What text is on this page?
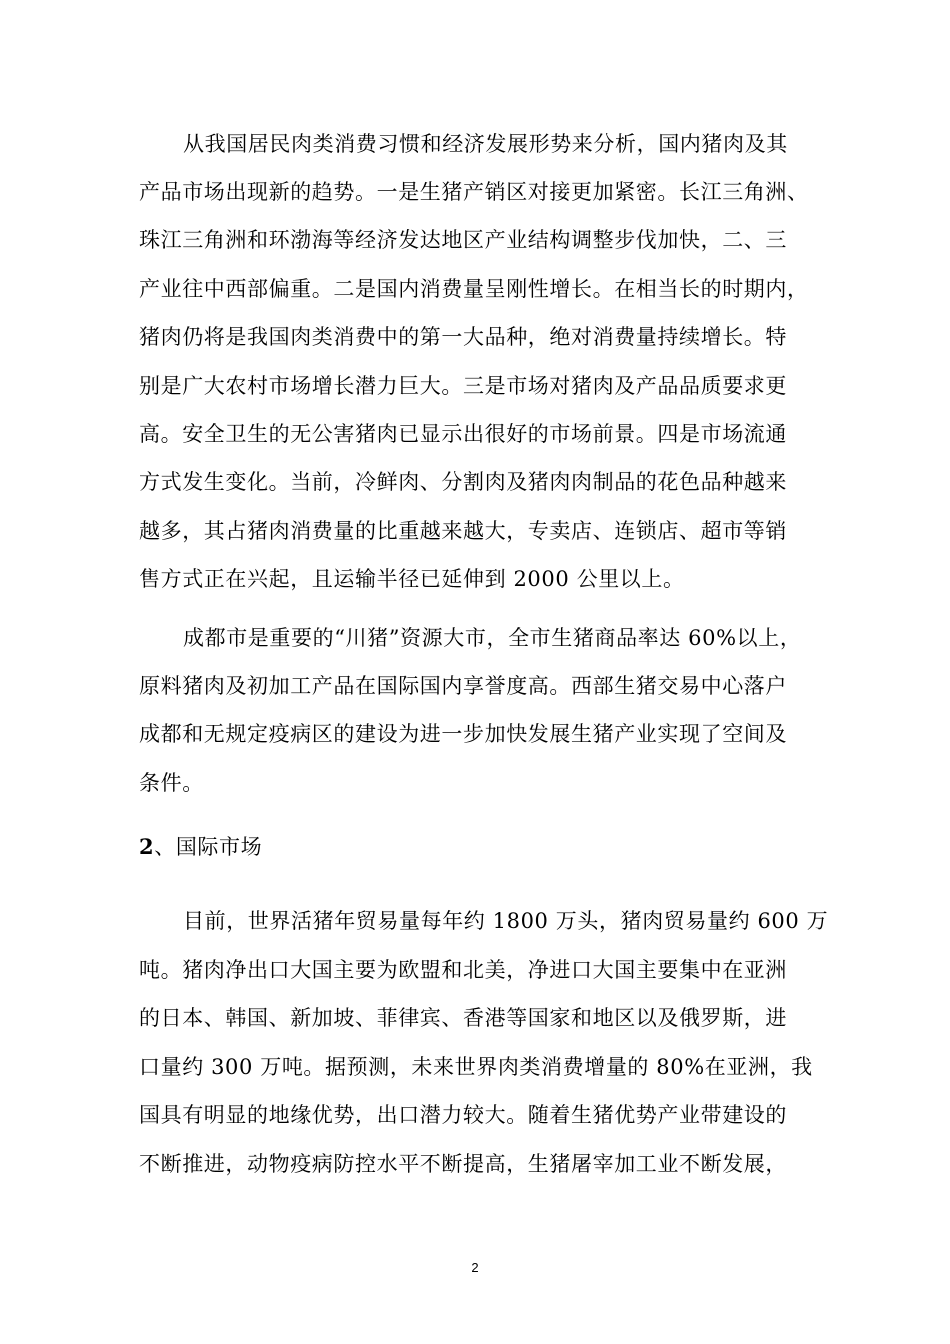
从我国居民肉类消费习惯和经济发展形势来分析，国内猪肉及其
产品市场出现新的趋势。一是生猪产销区对接更加紧密。长江三角洲、
珠江三角洲和环渤海等经济发达地区产业结构调整步伐加快，二、三
产业往中西部偏重。二是国内消费量呈刚性增长。在相当长的时期内，
猪肉仍将是我国肉类消费中的第一大品种，绝对消费量持续增长。特
别是广大农村市场增长潜力巨大。三是市场对猪肉及产品品质要求更
高。安全卫生的无公害猪肉已显示出很好的市场前景。四是市场流通
方式发生变化。当前，冷鲜肉、分割肉及猪肉肉制品的花色品种越来
越多，其占猪肉消费量的比重越来越大，专卖店、连锁店、超市等销
售方式正在兴起，且运输半径已延伸到 2000 公里以上。
成都市是重要的“川猪”资源大市，全市生猪商品率达 60%以上，
原料猪肉及初加工产品在国际国内享誉度高。西部生猪交易中心落户
成都和无规定疫病区的建设为进一步加快发展生猪产业实现了空间及
条件。
2、国际市场
目前，世界活猪年贸易量每年约 1800 万头，猪肉贸易量约 600 万
吨。猪肉净出口大国主要为欧盟和北美，净进口大国主要集中在亚洲
的日本、韩国、新加坡、菲律宾、香港等国家和地区以及俄罗斯，进
口量约 300 万吨。据预测，未来世界肉类消费增量的 80%在亚洲，我
国具有明显的地缘优势，出口潜力较大。随着生猪优势产业带建设的
不断推进，动物疫病防控水平不断提高，生猪屠宰加工业不断发展，
2
